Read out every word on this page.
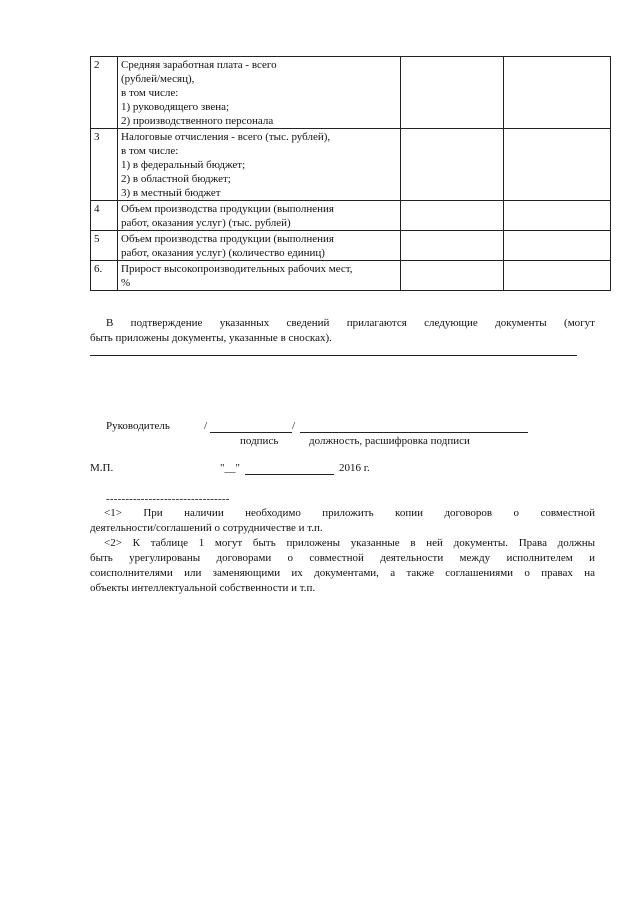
2	Средняя заработная плата - всего
(рублей/месяц),
в том числе:
1) руководящего звена;
2) производственного персонала		

3	Налоговые отчисления - всего (тыс. рублей),
в том числе:
1) в федеральный бюджет;
2) в областной бюджет;
3) в местный бюджет		

4	Объем производства продукции (выполнения
работ, оказания услуг) (тыс. рублей)		

5	Объем производства продукции (выполнения
работ, оказания услуг) (количество единиц)		

6.	Прирост высокопроизводительных рабочих мест,
%		

В подтверждение указанных сведений прилагаются следующие документы (могут
быть приложены документы, указанные в сносках).
Руководитель	/	/
подпись	должность, расшифровка подписи
М.П.	"__"	2016 г.
--------------------------------
<1> При наличии необходимо приложить копии договоров о совместной
деятельности/соглашений о сотрудничестве и т.п.
<2> К таблице 1 могут быть приложены указанные в ней документы. Права должны
быть урегулированы договорами о совместной деятельности между исполнителем и
соисполнителями или заменяющими их документами, а также соглашениями о правах на
объекты интеллектуальной собственности и т.п.
